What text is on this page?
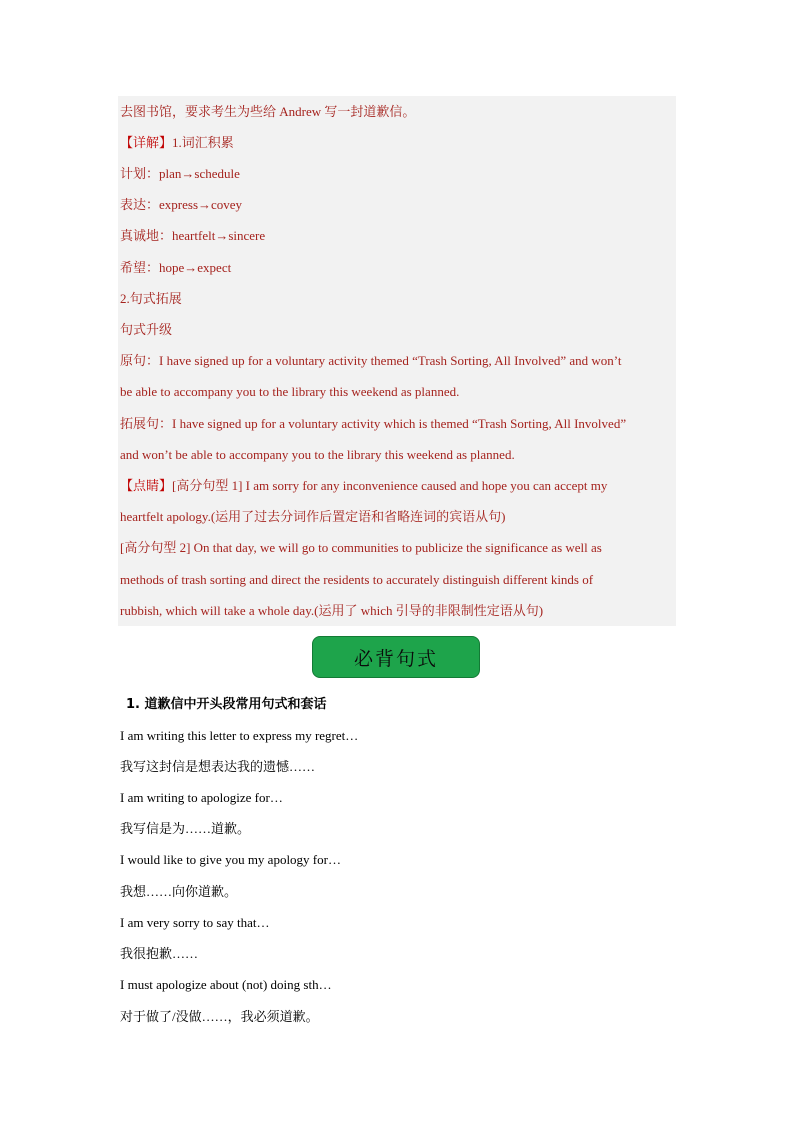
去图书馆，要求考生为些给 Andrew 写一封道歉信。
【详解】1.词汇积累
计划：plan→schedule
表达：express→covey
真诚地：heartfelt→sincere
希望：hope→expect
2.句式拓展
句式升级
原句：I have signed up for a voluntary activity themed “Trash Sorting, All Involved” and won’t
be able to accompany you to the library this weekend as planned.
拓展句：I have signed up for a voluntary activity which is themed “Trash Sorting, All Involved”
and won’t be able to accompany you to the library this weekend as planned.
【点睛】[高分句型 1] I am sorry for any inconvenience caused and hope you can accept my
heartfelt apology.(运用了过去分词作后置定语和省略连词的宾语从句)
[高分句型 2] On that day, we will go to communities to publicize the significance as well as
methods of trash sorting and direct the residents to accurately distinguish different kinds of
rubbish, which will take a whole day.(运用了 which 引导的非限制性定语从句)
必背句式
1. 道歉信中开头段常用句式和套话
I am writing this letter to express my regret…
我写这封信是想表达我的遗憾……
I am writing to apologize for…
我写信是为……道歉。
I would like to give you my apology for…
我想……向你道歉。
I am very sorry to say that…
我很抱歉……
I must apologize about (not) doing sth…
对于做了/没做……，我必须道歉。
